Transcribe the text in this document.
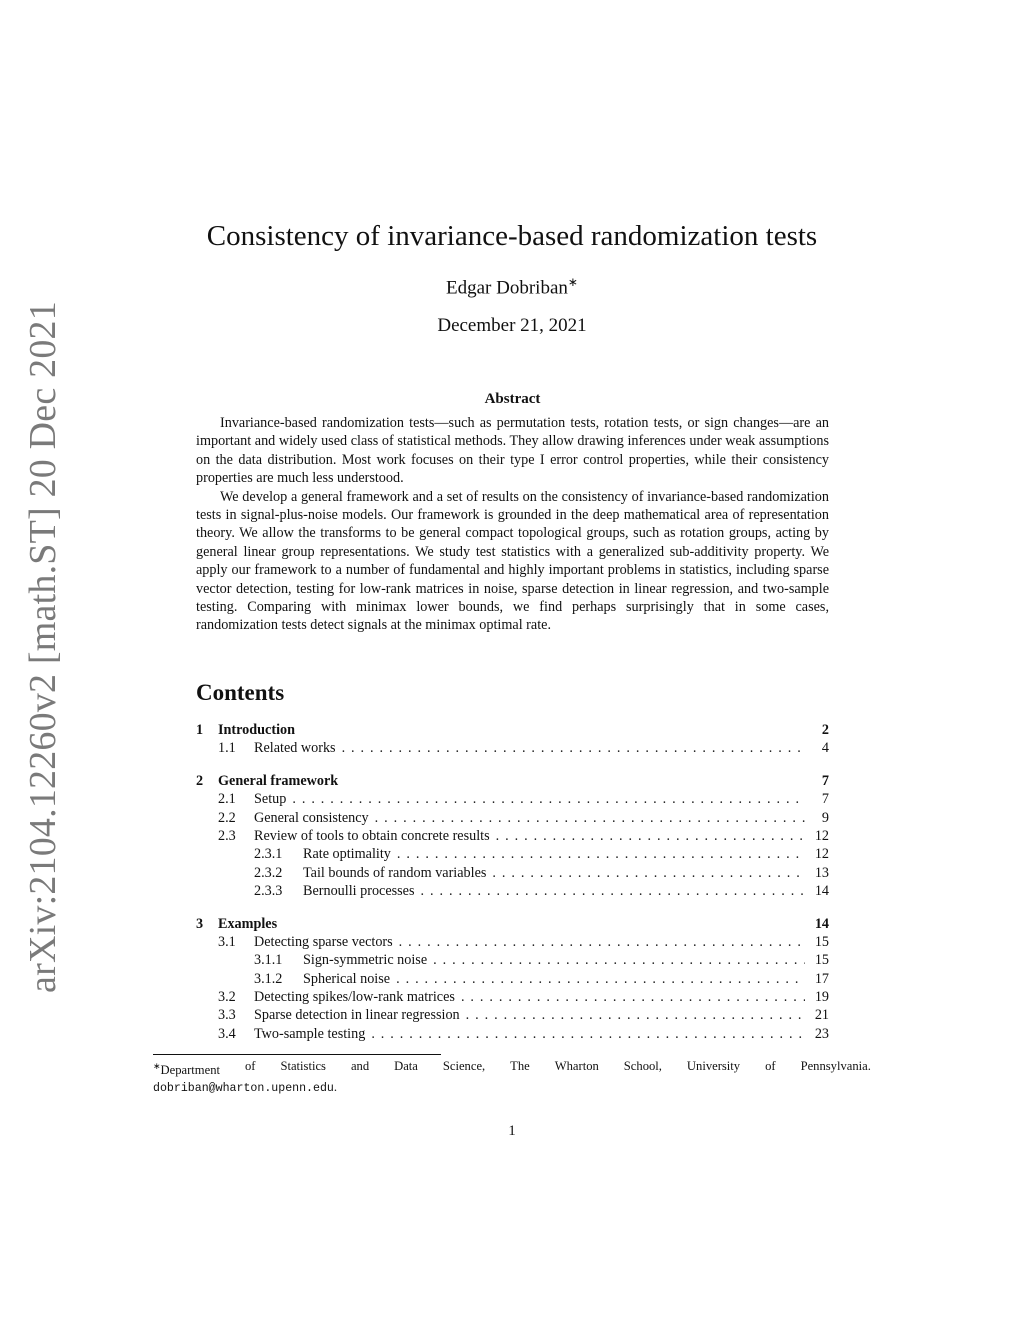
arXiv:2104.12260v2 [math.ST] 20 Dec 2021
Consistency of invariance-based randomization tests
Edgar Dobriban∗
December 21, 2021
Abstract

Invariance-based randomization tests—such as permutation tests, rotation tests, or sign changes—are an important and widely used class of statistical methods. They allow drawing inferences under weak assumptions on the data distribution. Most work focuses on their type I error control properties, while their consistency properties are much less understood.

We develop a general framework and a set of results on the consistency of invariance-based randomization tests in signal-plus-noise models. Our framework is grounded in the deep mathematical area of representation theory. We allow the transforms to be general compact topological groups, such as rotation groups, acting by general linear group representations. We study test statistics with a generalized sub-additivity property. We apply our framework to a number of fundamental and highly important problems in statistics, including sparse vector detection, testing for low-rank matrices in noise, sparse detection in linear regression, and two-sample testing. Comparing with minimax lower bounds, we find perhaps surprisingly that in some cases, randomization tests detect signals at the minimax optimal rate.

Contents
1	Introduction	2
1.1	Related works . . .	4
2	General framework	7
2.1	Setup . . .	7
2.2	General consistency . . .	9
2.3	Review of tools to obtain concrete results . . .	12
2.3.1	Rate optimality . . .	12
2.3.2	Tail bounds of random variables . . .	13
2.3.3	Bernoulli processes . . .	14
3	Examples	14
3.1	Detecting sparse vectors . . .	15
3.1.1	Sign-symmetric noise . . .	15
3.1.2	Spherical noise . . .	17
3.2	Detecting spikes/low-rank matrices . . .	19
3.3	Sparse detection in linear regression . . .	21
3.4	Two-sample testing . . .	23
∗Department of Statistics and Data Science, The Wharton School, University of Pennsylvania.
dobriban@wharton.upenn.edu.
1
